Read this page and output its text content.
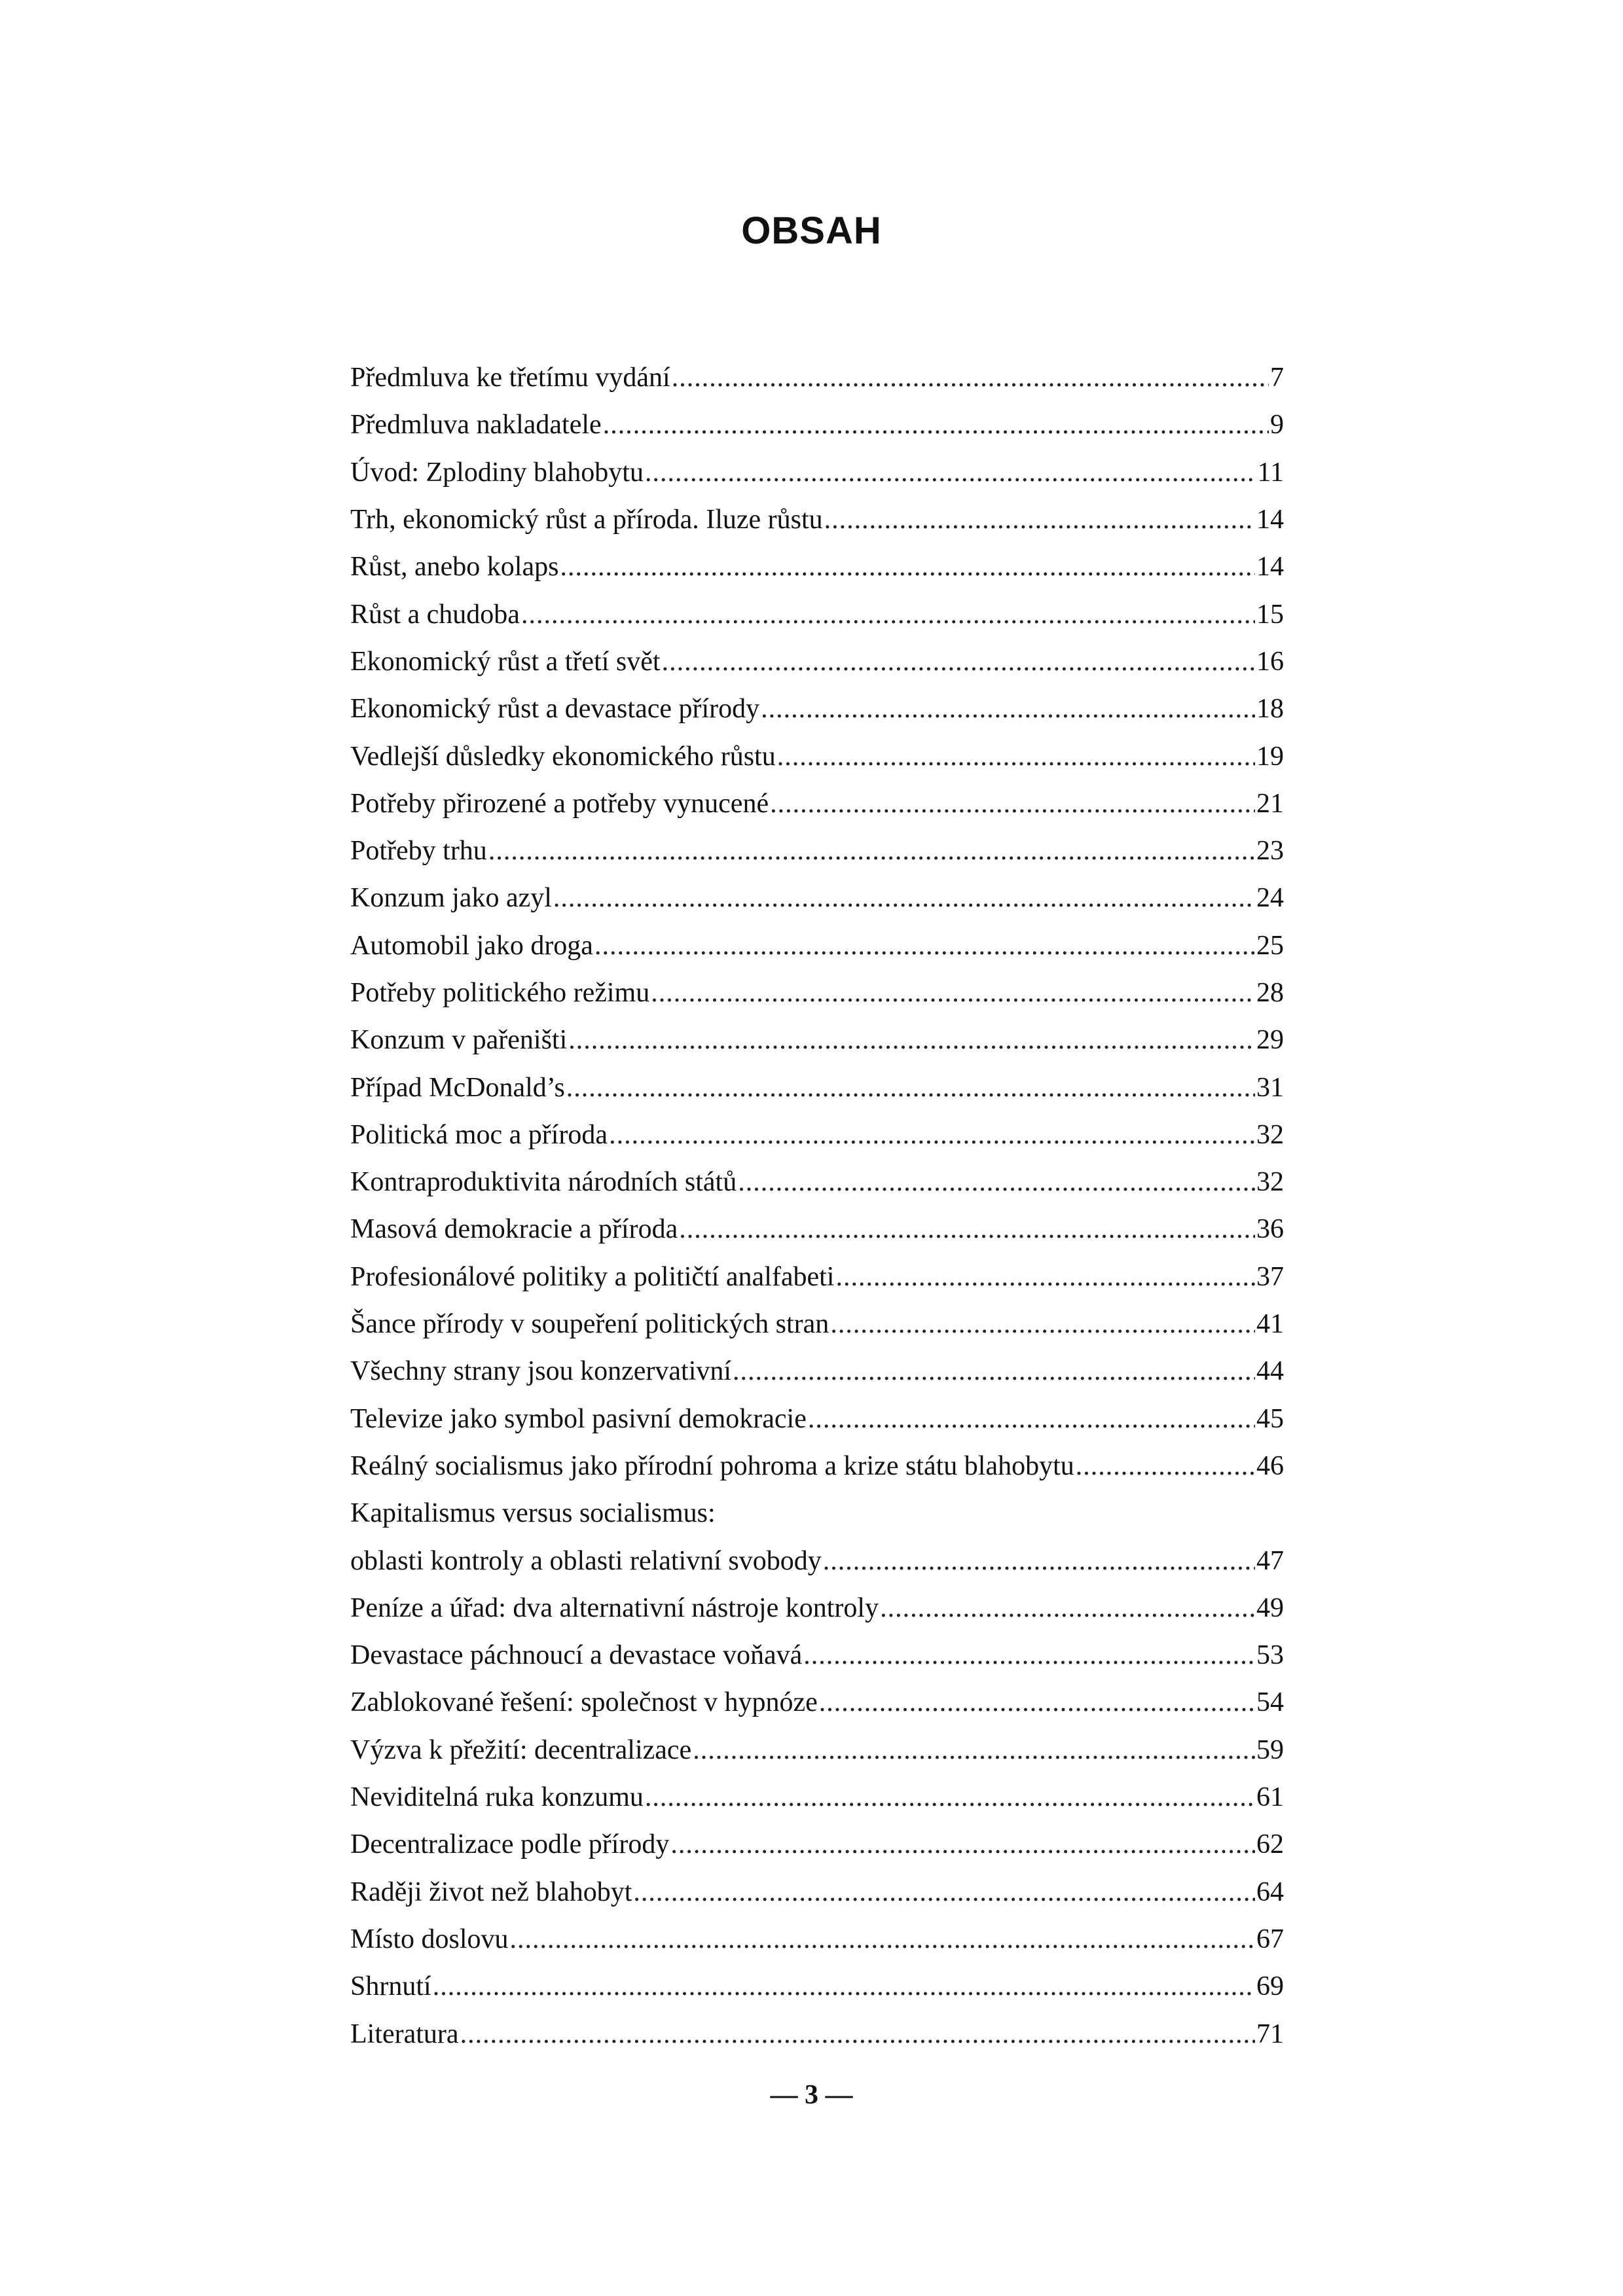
OBSAH
Předmluva ke třetímu vydání .....	7
Předmluva nakladatele .....	9
Úvod: Zplodiny blahobytu .....	11
Trh, ekonomický růst a příroda. Iluze růstu .....	14
Růst, anebo kolaps .....	14
Růst a chudoba .....	15
Ekonomický růst a třetí svět .....	16
Ekonomický růst a devastace přírody .....	18
Vedlejší důsledky ekonomického růstu .....	19
Potřeby přirozené a potřeby vynucené .....	21
Potřeby trhu .....	23
Konzum jako azyl .....	24
Automobil jako droga .....	25
Potřeby politického režimu .....	28
Konzum v pařeništi .....	29
Případ McDonald’s .....	31
Politická moc a příroda .....	32
Kontraproduktivita národních států .....	32
Masová demokracie a příroda .....	36
Profesionálové politiky a političtí analfabeti .....	37
Šance přírody v soupeření politických stran .....	41
Všechny strany jsou konzervativní .....	44
Televize jako symbol pasivní demokracie .....	45
Reálný socialismus jako přírodní pohroma a krize státu blahobytu .....	46
Kapitalismus versus socialismus:
oblasti kontroly a oblasti relativní svobody .....	47
Peníze a úřad: dva alternativní nástroje kontroly .....	49
Devastace páchnoucí a devastace voňavá .....	53
Zablokované řešení: společnost v hypnóze .....	54
Výzva k přežití: decentralizace .....	59
Neviditelná ruka konzumu .....	61
Decentralizace podle přírody .....	62
Raději život než blahobyt .....	64
Místo doslovu .....	67
Shrnutí .....	69
Literatura .....	71
— 3 —
